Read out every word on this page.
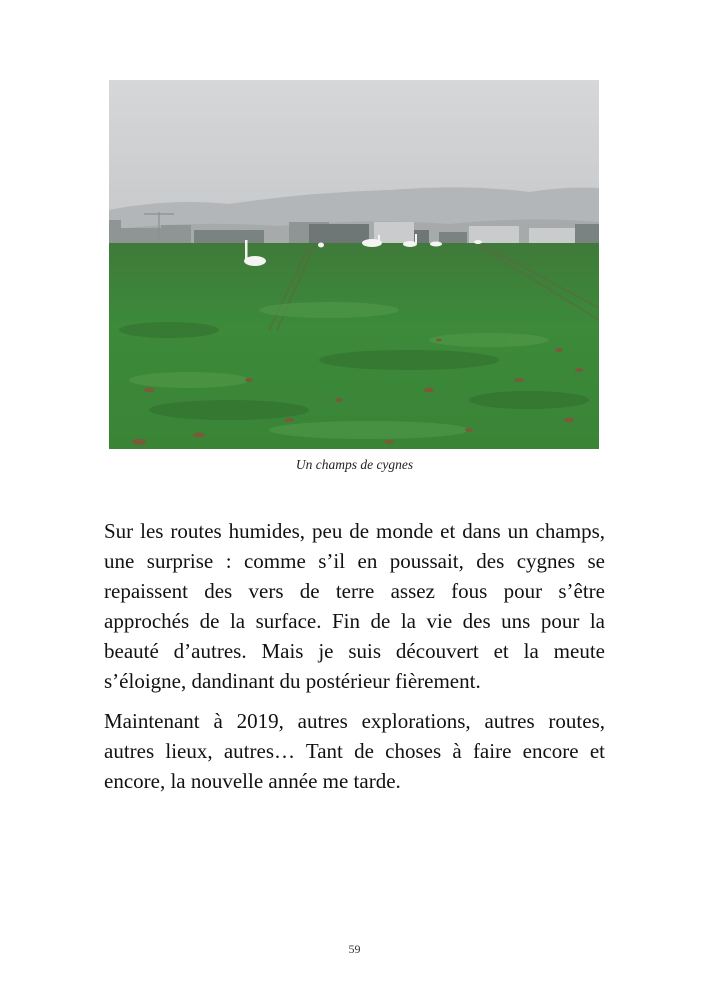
Un champs de cygnes

Sur les routes humides, peu de monde et dans un champs, une surprise : comme s’il en poussait, des cygnes se repaissent des vers de terre assez fous pour s’être approchés de la surface. Fin de la vie des uns pour la beauté d’autres. Mais je suis découvert et la meute s’éloigne, dandinant du postérieur fièrement.

Maintenant à 2019, autres explorations, autres routes, autres lieux, autres… Tant de choses à faire encore et encore, la nouvelle année me tarde.

59
